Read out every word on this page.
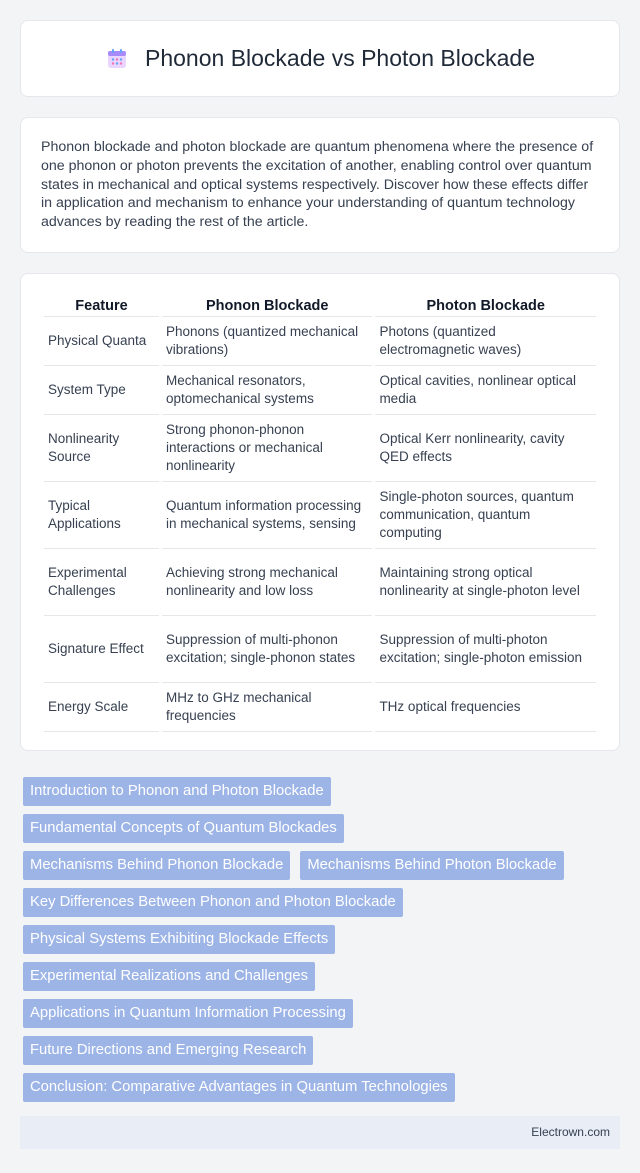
Phonon Blockade vs Photon Blockade

Phonon blockade and photon blockade are quantum phenomena where the presence of one phonon or photon prevents the excitation of another, enabling control over quantum states in mechanical and optical systems respectively. Discover how these effects differ in application and mechanism to enhance your understanding of quantum technology advances by reading the rest of the article.

Feature	Phonon Blockade	Photon Blockade
Physical Quanta	Phonons (quantized mechanical vibrations)	Photons (quantized electromagnetic waves)
System Type	Mechanical resonators, optomechanical systems	Optical cavities, nonlinear optical media
Nonlinearity Source	Strong phonon-phonon interactions or mechanical nonlinearity	Optical Kerr nonlinearity, cavity QED effects
Typical Applications	Quantum information processing in mechanical systems, sensing	Single-photon sources, quantum communication, quantum computing
Experimental Challenges	Achieving strong mechanical nonlinearity and low loss	Maintaining strong optical nonlinearity at single-photon level
Signature Effect	Suppression of multi-phonon excitation; single-phonon states	Suppression of multi-photon excitation; single-photon emission
Energy Scale	MHz to GHz mechanical frequencies	THz optical frequencies
Introduction to Phonon and Photon Blockade
Fundamental Concepts of Quantum Blockades
Mechanisms Behind Phonon Blockade	Mechanisms Behind Photon Blockade
Key Differences Between Phonon and Photon Blockade
Physical Systems Exhibiting Blockade Effects
Experimental Realizations and Challenges
Applications in Quantum Information Processing
Future Directions and Emerging Research
Conclusion: Comparative Advantages in Quantum Technologies
Electrown.com
